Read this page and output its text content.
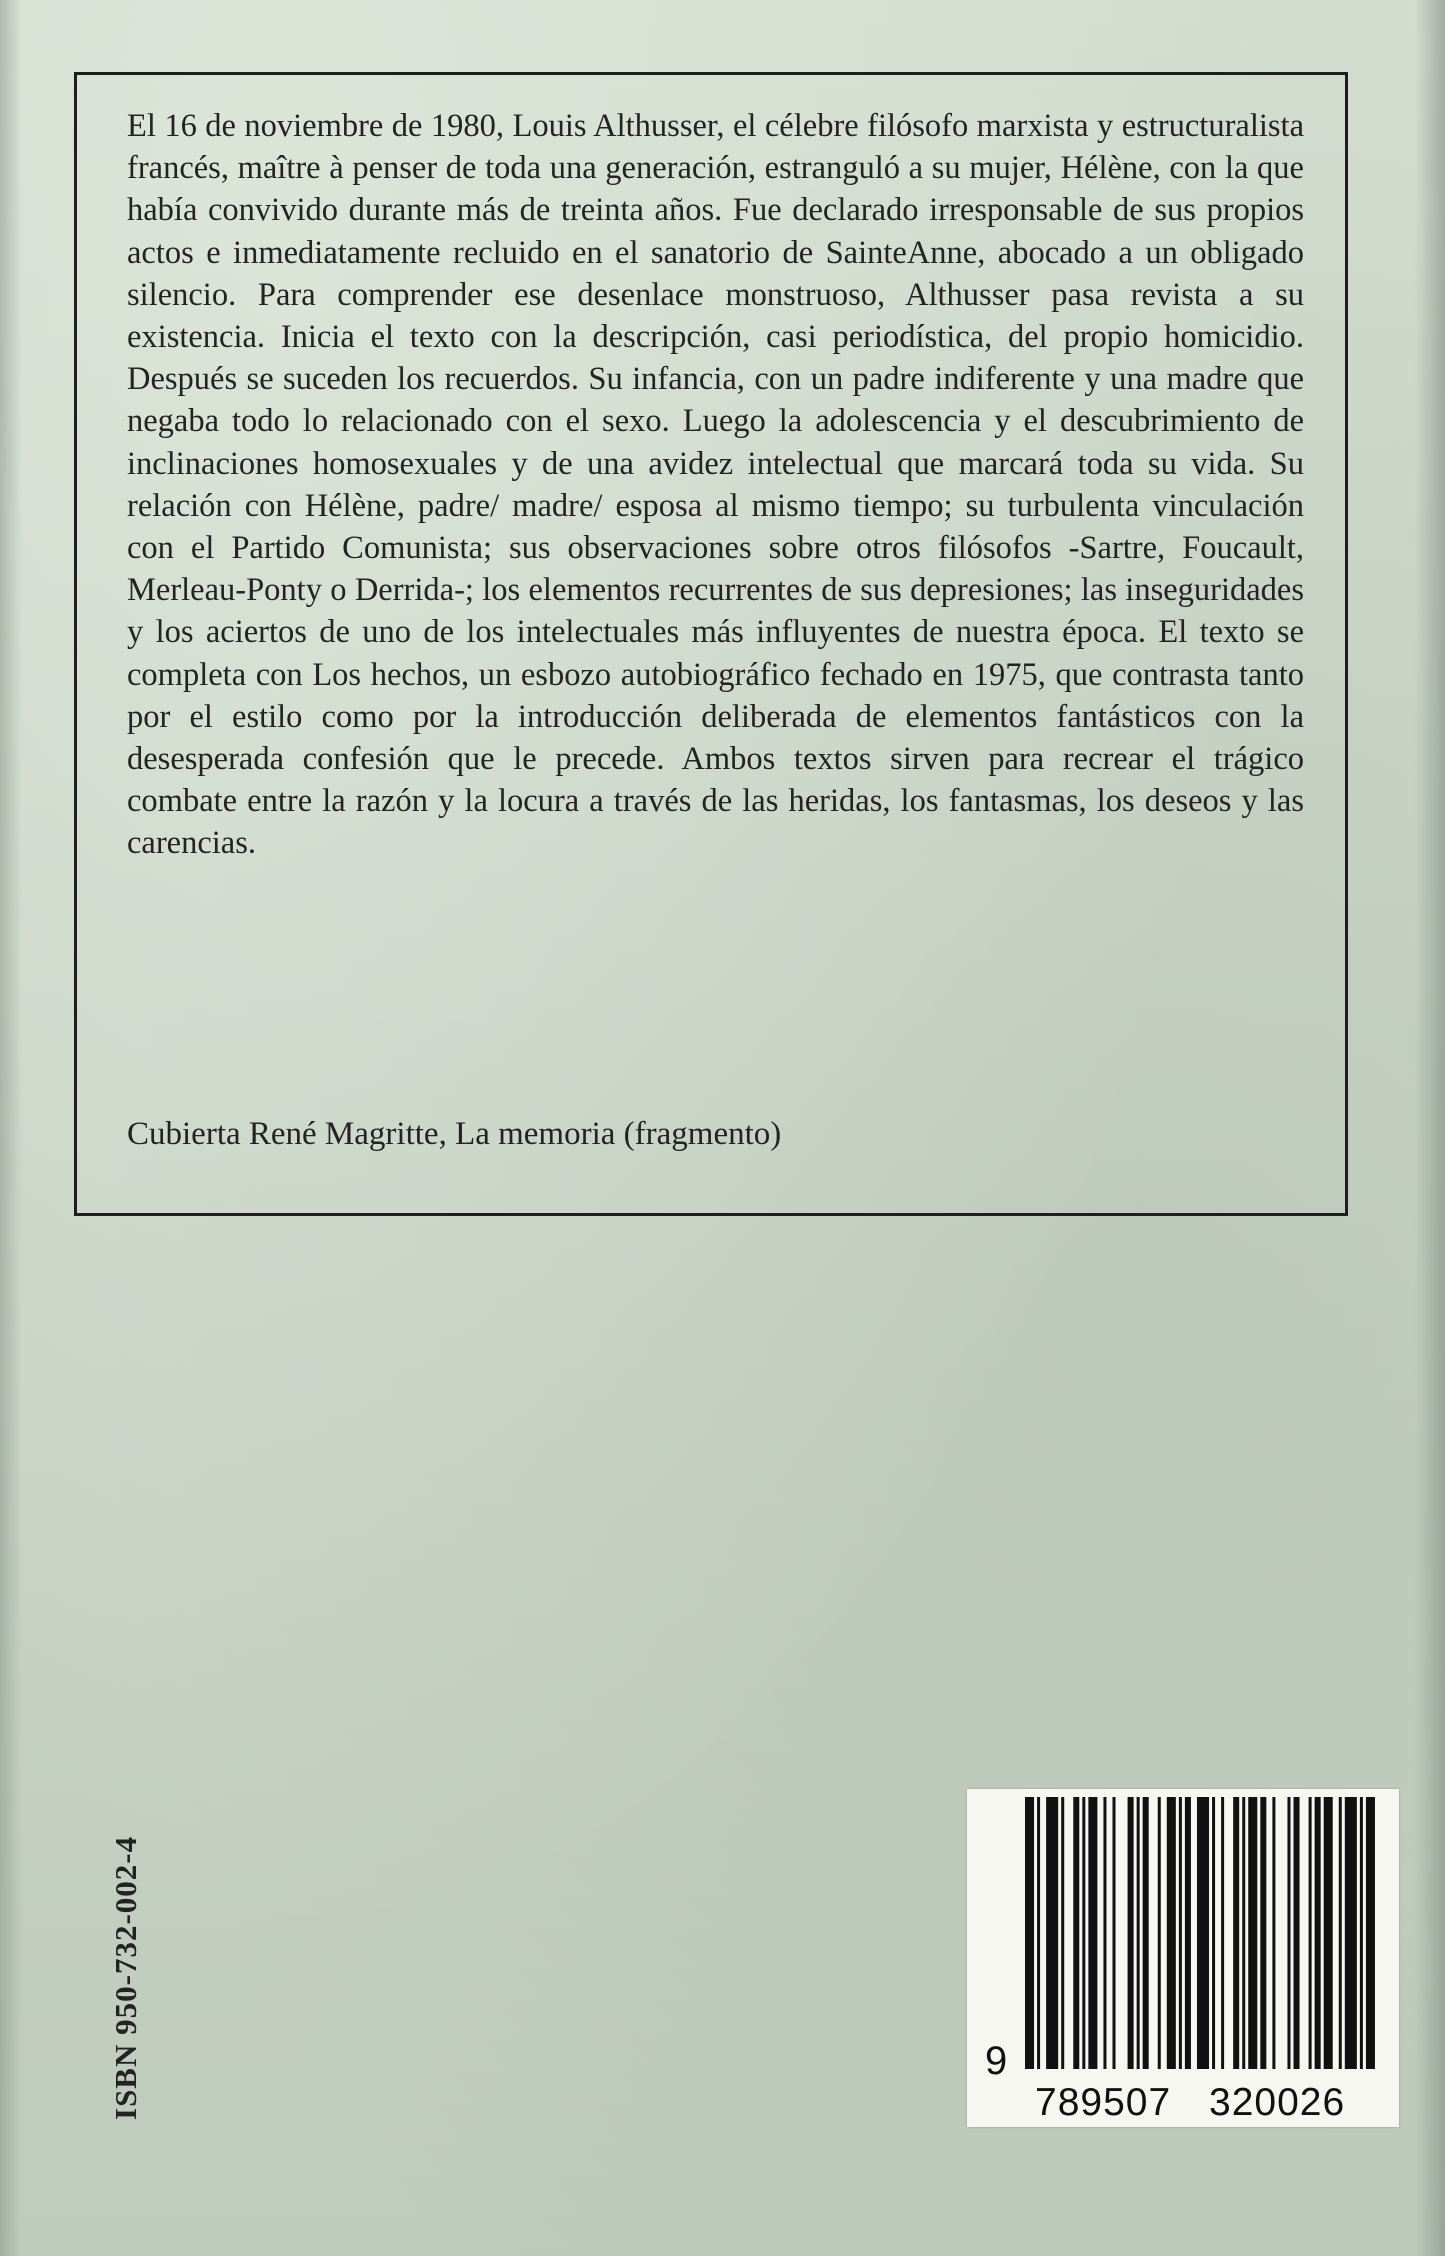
El 16 de noviembre de 1980, Louis Althusser, el célebre filósofo marxista y estructuralista francés, maître à penser de toda una generación, estranguló a su mujer, Hélène, con la que había convivido durante más de treinta años. Fue declarado irresponsable de sus propios actos e inmediatamente recluido en el sanatorio de SainteAnne, abocado a un obligado silencio. Para comprender ese desenlace monstruoso, Althusser pasa revista a su existencia. Inicia el texto con la descripción, casi periodística, del propio homicidio. Después se suceden los recuerdos. Su infancia, con un padre indiferente y una madre que negaba todo lo relacionado con el sexo. Luego la adolescencia y el descubrimiento de inclinaciones homosexuales y de una avidez intelectual que marcará toda su vida. Su relación con Hélène, padre/ madre/ esposa al mismo tiempo; su turbulenta vinculación con el Partido Comunista; sus observaciones sobre otros filósofos -Sartre, Foucault, Merleau-Ponty o Derrida-; los elementos recurrentes de sus depresiones; las inseguridades y los aciertos de uno de los intelectuales más influyentes de nuestra época. El texto se completa con Los hechos, un esbozo autobiográfico fechado en 1975, que contrasta tanto por el estilo como por la introducción deliberada de elementos fantásticos con la desesperada confesión que le precede. Ambos textos sirven para recrear el trágico combate entre la razón y la locura a través de las heridas, los fantasmas, los deseos y las carencias.

Cubierta René Magritte, La memoria (fragmento)

ISBN 950-732-002-4	9
789507 320026
